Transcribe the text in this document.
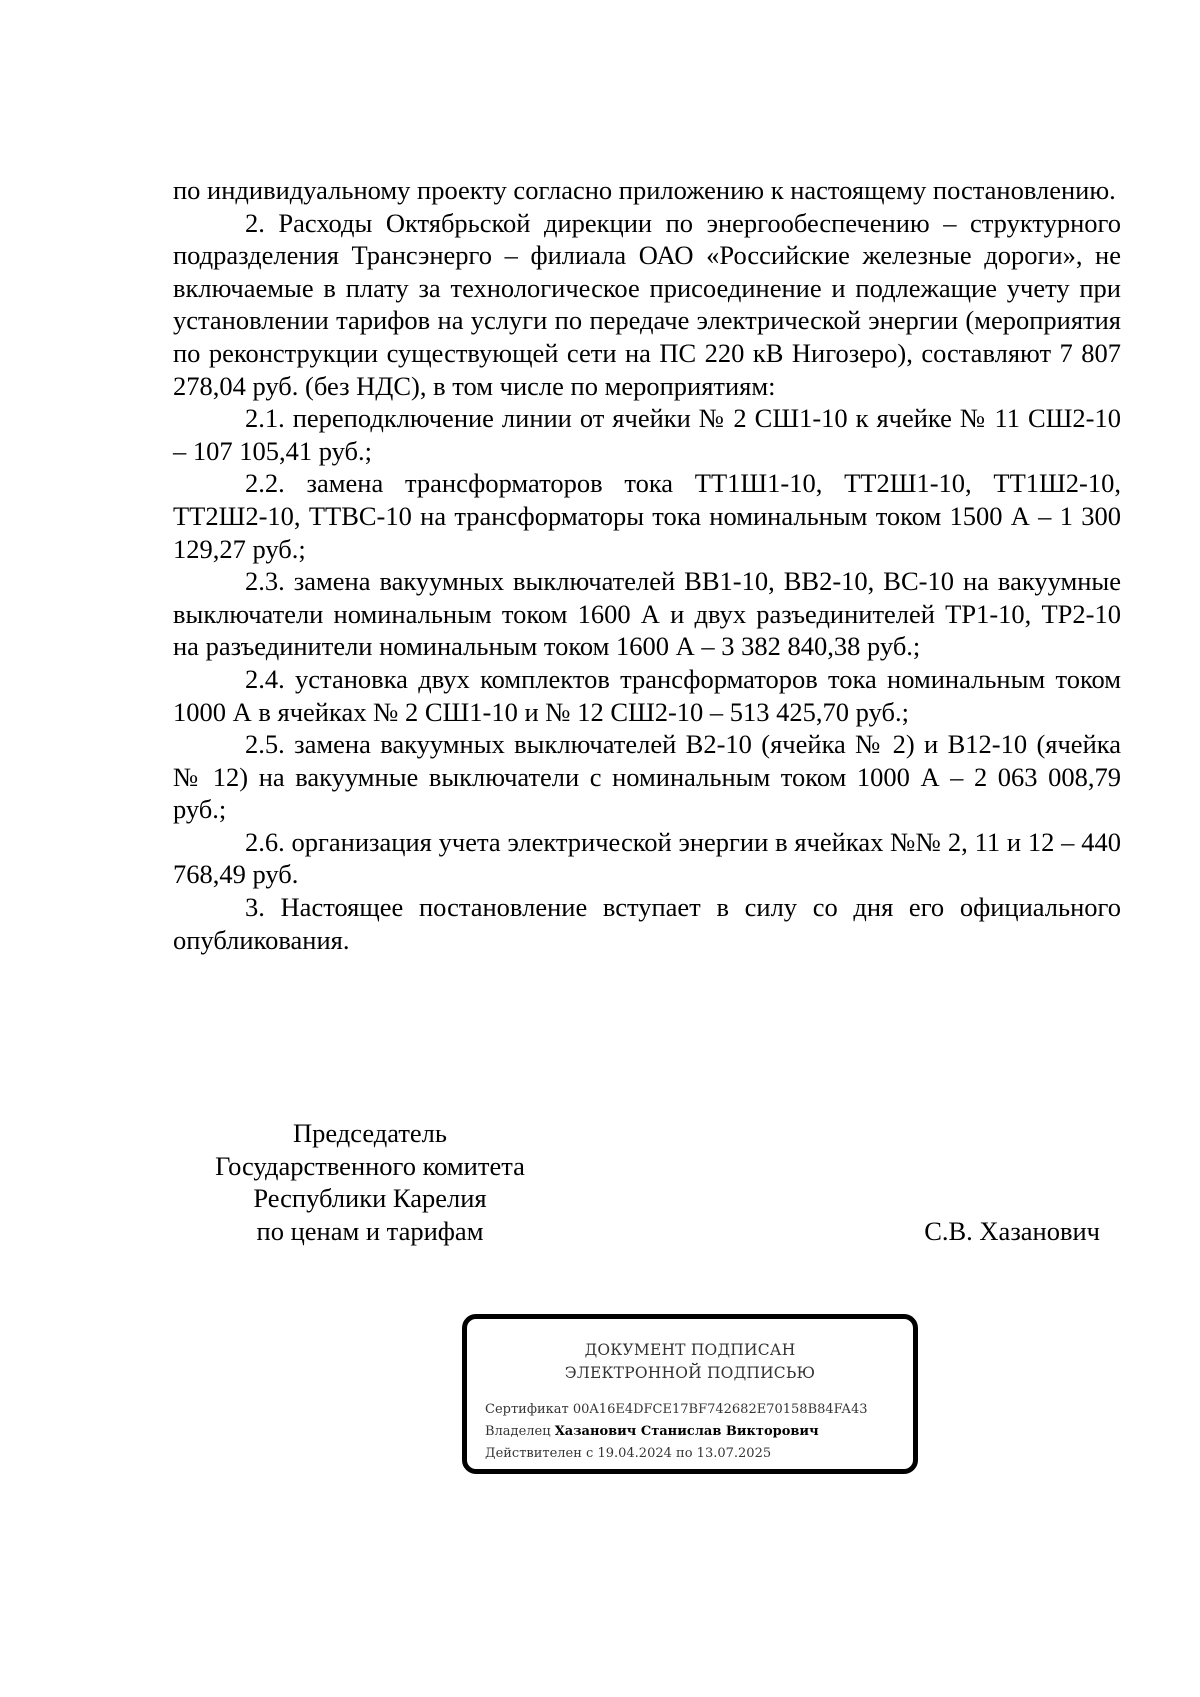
по индивидуальному проекту согласно приложению к настоящему постановлению.

2. Расходы Октябрьской дирекции по энергообеспечению – структурного подразделения Трансэнерго – филиала ОАО «Российские железные дороги», не включаемые в плату за технологическое присоединение и подлежащие учету при установлении тарифов на услуги по передаче электрической энергии (мероприятия по реконструкции существующей сети на ПС 220 кВ Нигозеро), составляют 7 807 278,04 руб. (без НДС), в том числе по мероприятиям:

2.1. переподключение линии от ячейки № 2 СШ1-10 к ячейке № 11 СШ2-10 – 107 105,41 руб.;

2.2. замена трансформаторов тока ТТ1Ш1-10, ТТ2Ш1-10, ТТ1Ш2-10, ТТ2Ш2-10, ТТВС-10 на трансформаторы тока номинальным током 1500 А – 1 300 129,27 руб.;

2.3. замена вакуумных выключателей ВВ1-10, ВВ2-10, ВС-10 на вакуумные выключатели номинальным током 1600 А и двух разъединителей ТР1-10, ТР2-10 на разъединители номинальным током 1600 А – 3 382 840,38 руб.;

2.4. установка двух комплектов трансформаторов тока номинальным током 1000 А в ячейках № 2 СШ1-10 и № 12 СШ2-10 – 513 425,70 руб.;

2.5. замена вакуумных выключателей В2-10 (ячейка № 2) и В12-10 (ячейка № 12) на вакуумные выключатели с номинальным током 1000 А – 2 063 008,79 руб.;

2.6. организация учета электрической энергии в ячейках №№ 2, 11 и 12 – 440 768,49 руб.

3. Настоящее постановление вступает в силу со дня его официального опубликования.

Председатель
Государственного комитета
Республики Карелия
по ценам и тарифам	С.В. Хазанович
ДОКУМЕНТ ПОДПИСАН
ЭЛЕКТРОННОЙ ПОДПИСЬЮ
Сертификат 00A16E4DFCE17BF742682E70158B84FA43
Владелец Хазанович Станислав Викторович
Действителен с 19.04.2024 по 13.07.2025
